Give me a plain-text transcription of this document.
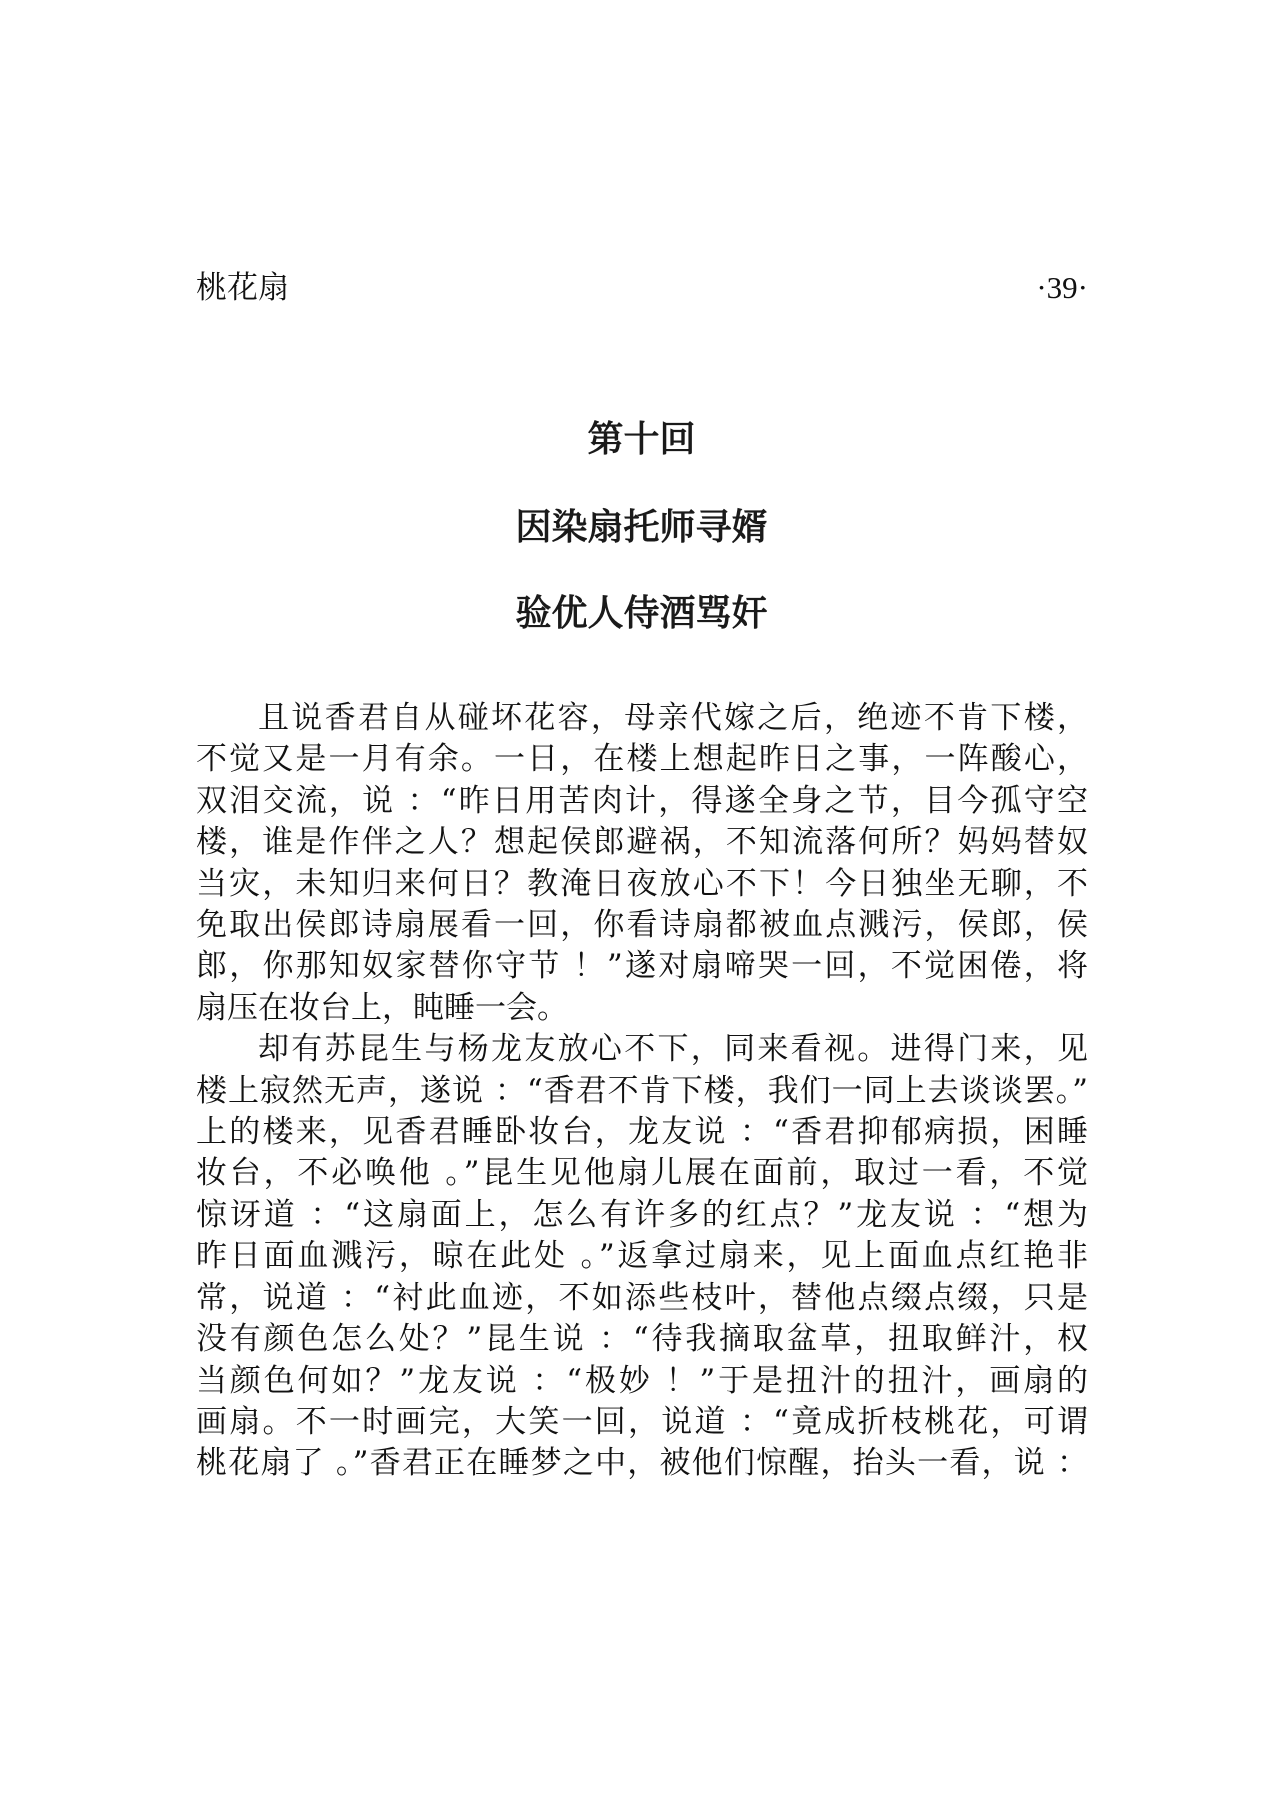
桃花扇	·39·
第十回
因染扇托师寻婿
验优人侍酒骂奸
且说香君自从碰坏花容，母亲代嫁之后，绝迹不肯下楼，
不觉又是一月有余。一日，在楼上想起昨日之事，一阵酸心，
双泪交流，说 ：“昨日用苦肉计，得遂全身之节，目今孤守空
楼，谁是作伴之人？想起侯郎避祸，不知流落何所？妈妈替奴
当灾，未知归来何日？教淹日夜放心不下！今日独坐无聊，不
免取出侯郎诗扇展看一回，你看诗扇都被血点溅污，侯郎，侯
郎，你那知奴家替你守节 ！”遂对扇啼哭一回，不觉困倦，将
扇压在妆台上，盹睡一会。
却有苏昆生与杨龙友放心不下，同来看视。进得门来，见
楼上寂然无声，遂说 ：“香君不肯下楼，我们一同上去谈谈罢。”
上的楼来，见香君睡卧妆台，龙友说 ：“香君抑郁病损，困睡
妆台，不必唤他 。”昆生见他扇儿展在面前，取过一看，不觉
惊讶道 ：“这扇面上，怎么有许多的红点？”龙友说 ：“想为
昨日面血溅污，晾在此处 。”返拿过扇来，见上面血点红艳非
常，说道 ：“衬此血迹，不如添些枝叶，替他点缀点缀，只是
没有颜色怎么处？”昆生说 ：“待我摘取盆草，扭取鲜汁，权
当颜色何如？”龙友说 ：“极妙 ！”于是扭汁的扭汁，画扇的
画扇。不一时画完，大笑一回，说道 ：“竟成折枝桃花，可谓
桃花扇了 。”香君正在睡梦之中，被他们惊醒，抬头一看，说 ：
